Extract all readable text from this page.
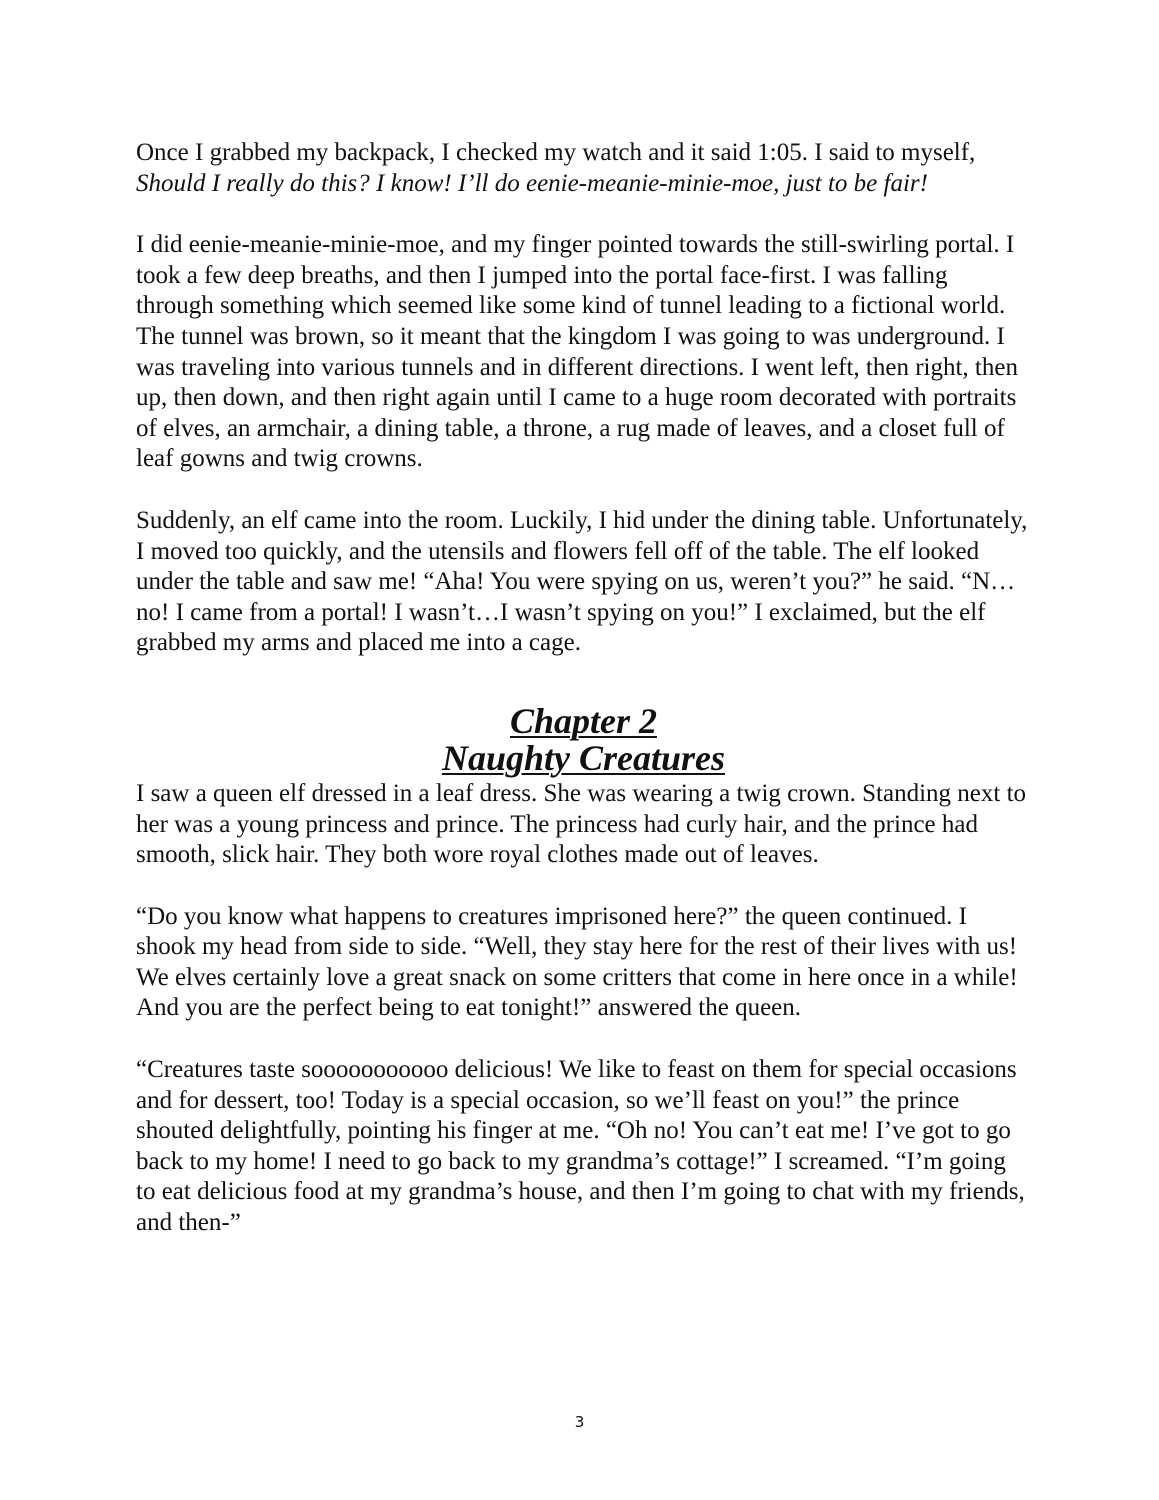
Once I grabbed my backpack, I checked my watch and it said 1:05. I said to myself, Should I really do this? I know! I’ll do eenie-meanie-minie-moe, just to be fair!

I did eenie-meanie-minie-moe, and my finger pointed towards the still-swirling portal. I took a few deep breaths, and then I jumped into the portal face-first. I was falling through something which seemed like some kind of tunnel leading to a fictional world. The tunnel was brown, so it meant that the kingdom I was going to was underground. I was traveling into various tunnels and in different directions. I went left, then right, then up, then down, and then right again until I came to a huge room decorated with portraits of elves, an armchair, a dining table, a throne, a rug made of leaves, and a closet full of leaf gowns and twig crowns.

Suddenly, an elf came into the room. Luckily, I hid under the dining table. Unfortunately, I moved too quickly, and the utensils and flowers fell off of the table. The elf looked under the table and saw me! “Aha! You were spying on us, weren’t you?” he said. “N…no! I came from a portal! I wasn’t…I wasn’t spying on you!” I exclaimed, but the elf grabbed my arms and placed me into a cage.

Chapter 2
Naughty Creatures

I saw a queen elf dressed in a leaf dress. She was wearing a twig crown. Standing next to her was a young princess and prince. The princess had curly hair, and the prince had smooth, slick hair. They both wore royal clothes made out of leaves.

“Do you know what happens to creatures imprisoned here?” the queen continued. I shook my head from side to side. “Well, they stay here for the rest of their lives with us! We elves certainly love a great snack on some critters that come in here once in a while! And you are the perfect being to eat tonight!” answered the queen.

“Creatures taste sooooooooooo delicious! We like to feast on them for special occasions and for dessert, too! Today is a special occasion, so we’ll feast on you!” the prince shouted delightfully, pointing his finger at me. “Oh no! You can’t eat me! I’ve got to go back to my home! I need to go back to my grandma’s cottage!” I screamed. “I’m going to eat delicious food at my grandma’s house, and then I’m going to chat with my friends, and then-”

3
